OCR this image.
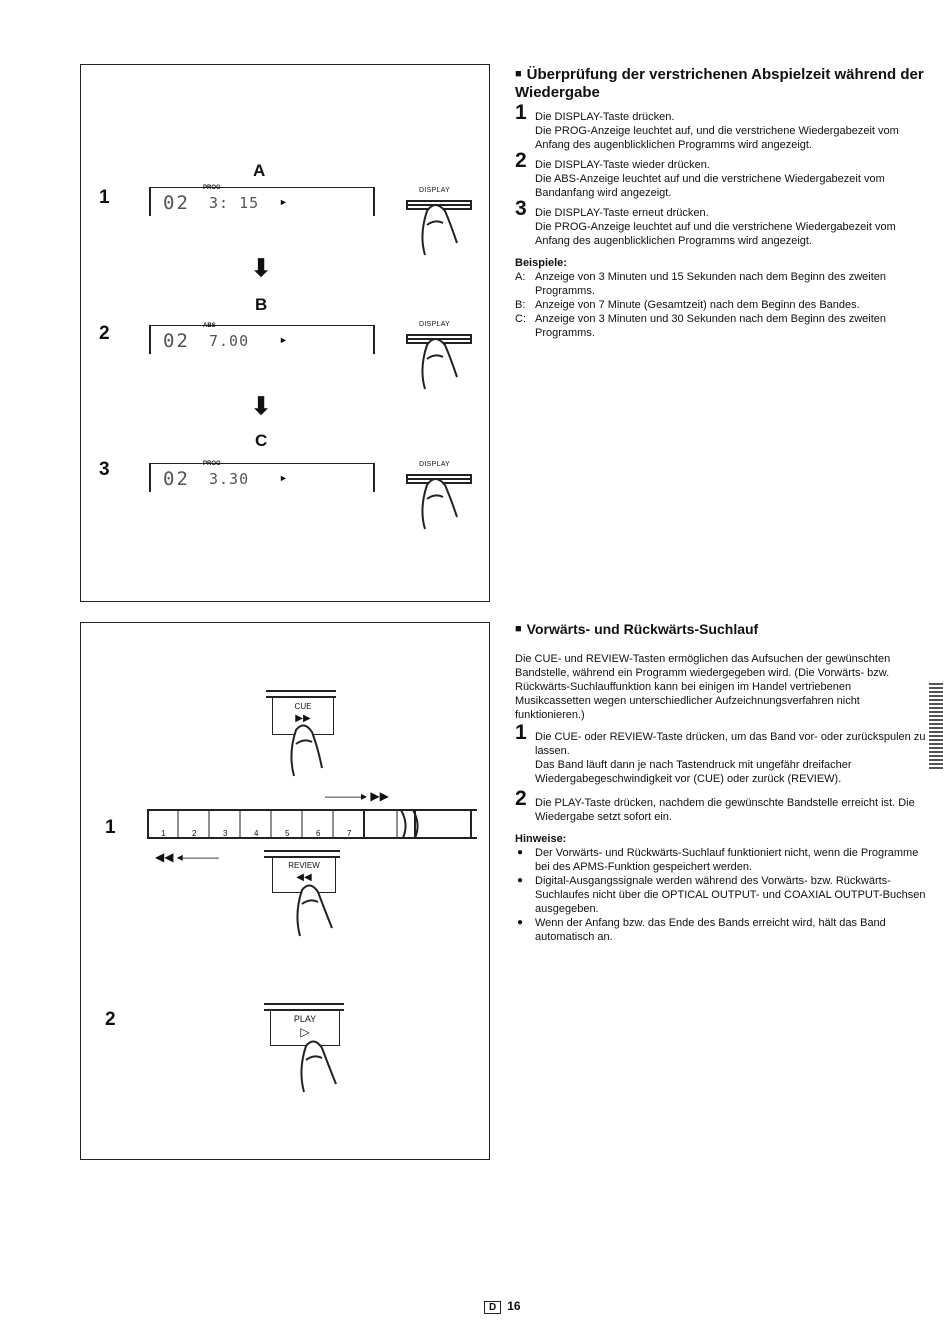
A
1	02
PROG
3: 15 ►
DISPLAY
⬇
B
2	02
ABS
7.00	►
DISPLAY
⬇
C
3	02
PROG
3.30	►
DISPLAY
■ Überprüfung der verstrichenen Abspielzeit während der Wiedergabe
1 Die DISPLAY-Taste drücken.
Die PROG-Anzeige leuchtet auf, und die verstrichene Wiedergabezeit vom Anfang des augenblicklichen Programms wird angezeigt.
2 Die DISPLAY-Taste wieder drücken.
Die ABS-Anzeige leuchtet auf und die verstrichene Wiedergabezeit vom Bandanfang wird angezeigt.
3 Die DISPLAY-Taste erneut drücken.
Die PROG-Anzeige leuchtet auf und die verstrichene Wiedergabezeit vom Anfang des augenblicklichen Programms wird angezeigt.
Beispiele:
A: Anzeige von 3 Minuten und 15 Sekunden nach dem Beginn des zweiten Programms.
B: Anzeige von 7 Minute (Gesamtzeit) nach dem Beginn des Bandes.
C: Anzeige von 3 Minuten und 30 Sekunden nach dem Beginn des zweiten Programms.
1
2
CUE
▶▶
———▸ ▶▶
1	2	3	4	5	6	7
◀◀ ◂———
REVIEW
◀◀
PLAY
▷
■ Vorwärts- und Rückwärts-Suchlauf
Die CUE- und REVIEW-Tasten ermöglichen das Aufsuchen der gewünschten Bandstelle, während ein Programm wiedergegeben wird. (Die Vorwärts- bzw. Rückwärts-Suchlauffunktion kann bei einigen im Handel vertriebenen Musikcassetten wegen unterschiedlicher Aufzeichnungsverfahren nicht funktionieren.)
1 Die CUE- oder REVIEW-Taste drücken, um das Band vor- oder zurückspulen zu lassen.
Das Band läuft dann je nach Tastendruck mit ungefähr dreifacher Wiedergabegeschwindigkeit vor (CUE) oder zurück (REVIEW).
2 Die PLAY-Taste drücken, nachdem die gewünschte Bandstelle erreicht ist. Die Wiedergabe setzt sofort ein.
Hinweise:
● Der Vorwärts- und Rückwärts-Suchlauf funktioniert nicht, wenn die Programme bei des APMS-Funktion gespeichert werden.
● Digital-Ausgangssignale werden während des Vorwärts- bzw. Rückwärts-Suchlaufes nicht über die OPTICAL OUTPUT- und COAXIAL OUTPUT-Buchsen ausgegeben.
● Wenn der Anfang bzw. das Ende des Bands erreicht wird, hält das Band automatisch an.
D 16
